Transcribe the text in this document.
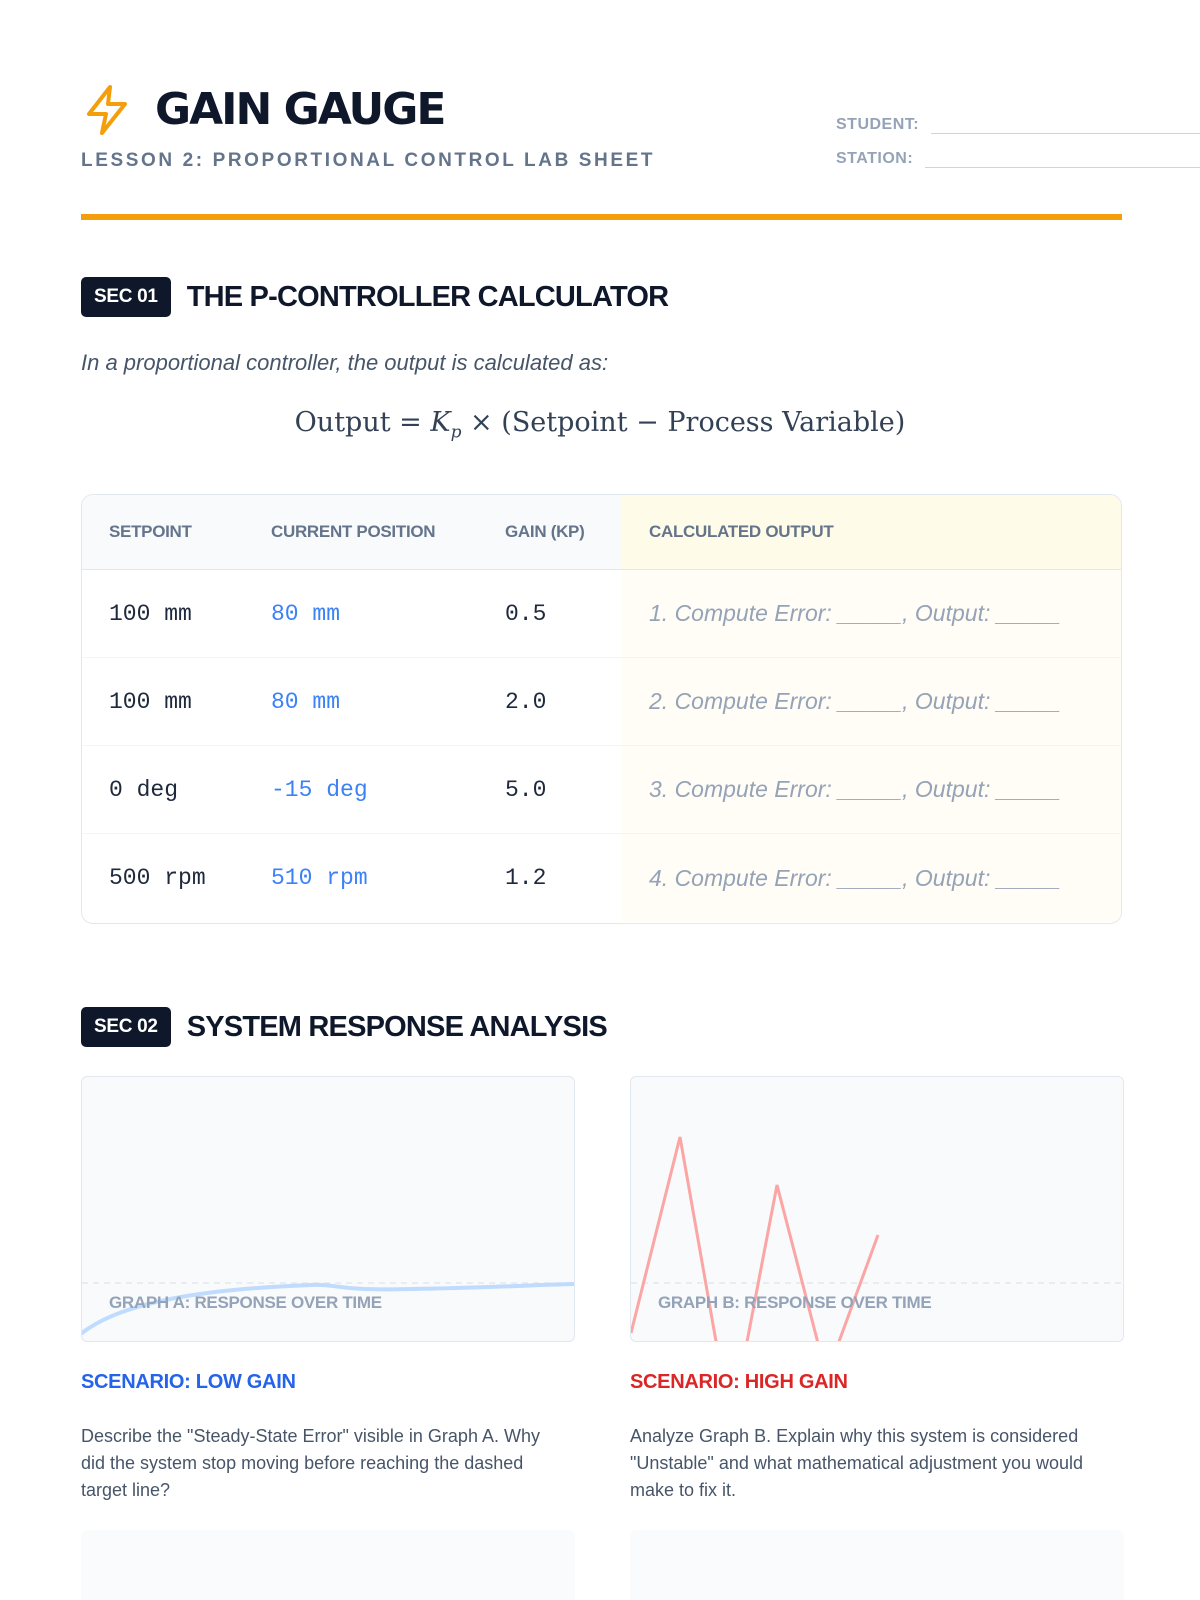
GAIN GAUGE
LESSON 2: PROPORTIONAL CONTROL LAB SHEET
STUDENT:
STATION:
SEC 01	THE P-CONTROLLER CALCULATOR
In a proportional controller, the output is calculated as:
Output = $K_p$ × (Setpoint − Process Variable)
SETPOINT	CURRENT POSITION	GAIN (KP)	CALCULATED OUTPUT
100 mm	80 mm	0.5	1. Compute Error: _____, Output: _____
100 mm	80 mm	2.0	2. Compute Error: _____, Output: _____
0 deg	-15 deg	5.0	3. Compute Error: _____, Output: _____
500 rpm	510 rpm	1.2	4. Compute Error: _____, Output: _____
SEC 02	SYSTEM RESPONSE ANALYSIS
GRAPH A: RESPONSE OVER TIME	GRAPH B: RESPONSE OVER TIME
SCENARIO: LOW GAIN	SCENARIO: HIGH GAIN
Describe the "Steady-State Error" visible in Graph A. Why did the system stop moving before reaching the dashed target line?
Analyze Graph B. Explain why this system is considered "Unstable" and what mathematical adjustment you would make to fix it.
